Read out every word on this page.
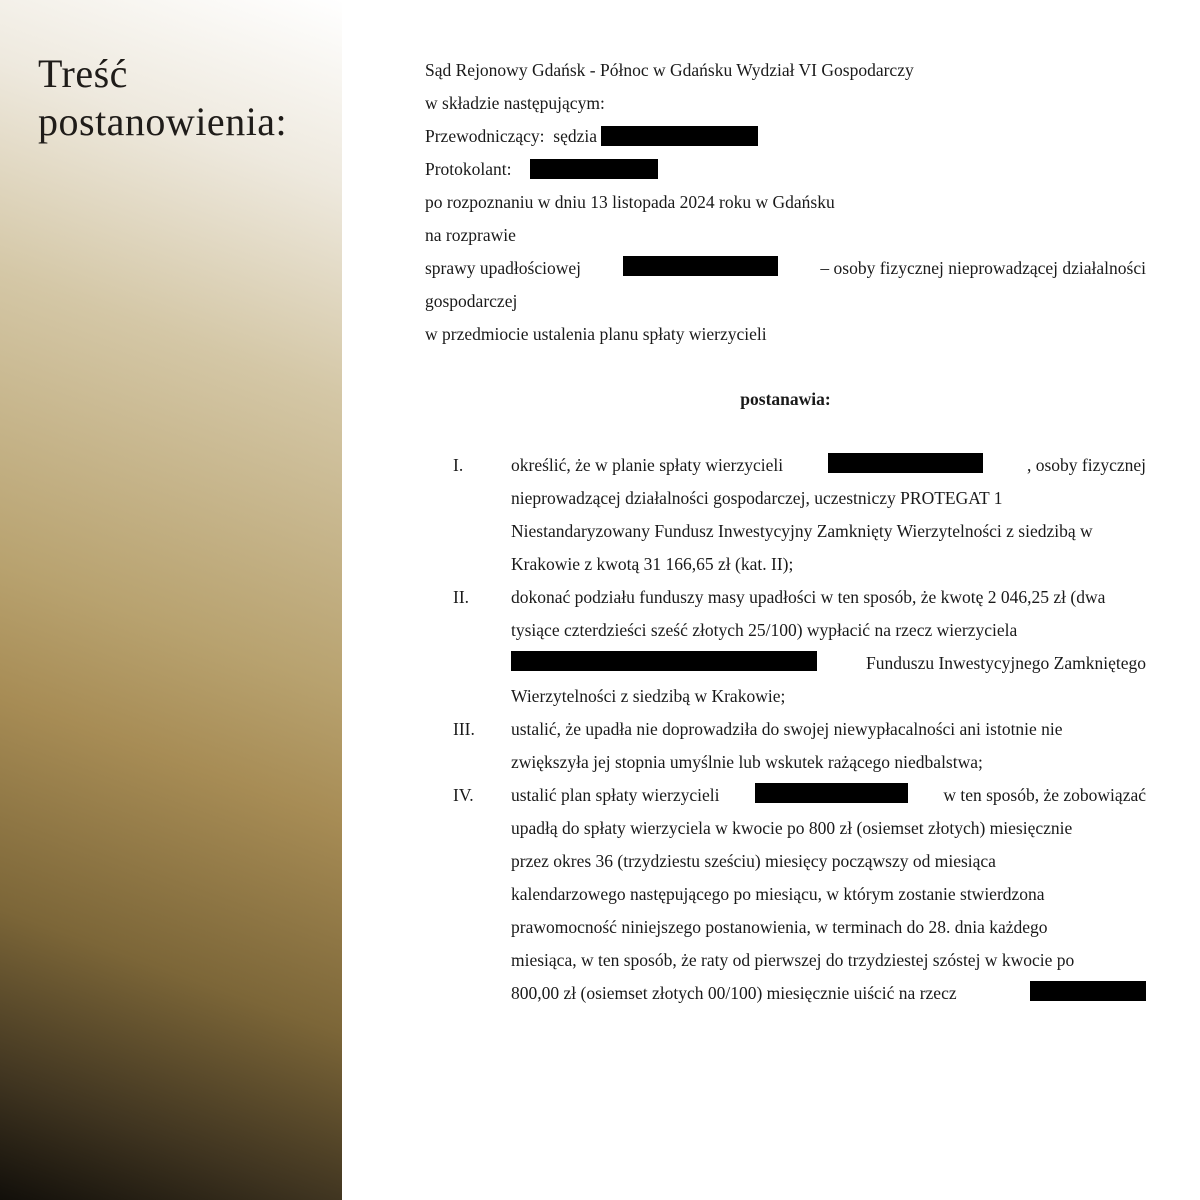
Treść
postanowienia:
Sąd Rejonowy Gdańsk - Północ w Gdańsku Wydział VI Gospodarczy
w składzie następującym:
Przewodniczący: sędzia
Protokolant:
po rozpoznaniu w dniu 13 listopada 2024 roku w Gdańsku
na rozprawie
sprawy upadłościowej	– osoby fizycznej nieprowadzącej działalności
gospodarczej
w przedmiocie ustalenia planu spłaty wierzycieli
postanawia:
I.	określić, że w planie spłaty wierzycieli	, osoby fizycznej
nieprowadzącej działalności gospodarczej, uczestniczy PROTEGAT 1
Niestandaryzowany Fundusz Inwestycyjny Zamknięty Wierzytelności z siedzibą w
Krakowie z kwotą 31 166,65 zł (kat. II);
II. dokonać podziału funduszy masy upadłości w ten sposób, że kwotę 2 046,25 zł (dwa
tysiące czterdzieści sześć złotych 25/100) wypłacić na rzecz wierzyciela
Funduszu Inwestycyjnego Zamkniętego
Wierzytelności z siedzibą w Krakowie;
III. ustalić, że upadła nie doprowadziła do swojej niewypłacalności ani istotnie nie
zwiększyła jej stopnia umyślnie lub wskutek rażącego niedbalstwa;
IV. ustalić plan spłaty wierzycieli	w ten sposób, że zobowiązać
upadłą do spłaty wierzyciela w kwocie po 800 zł (osiemset złotych) miesięcznie
przez okres 36 (trzydziestu sześciu) miesięcy począwszy od miesiąca
kalendarzowego następującego po miesiącu, w którym zostanie stwierdzona
prawomocność niniejszego postanowienia, w terminach do 28. dnia każdego
miesiąca, w ten sposób, że raty od pierwszej do trzydziestej szóstej w kwocie po
800,00 zł (osiemset złotych 00/100) miesięcznie uiścić na rzecz
